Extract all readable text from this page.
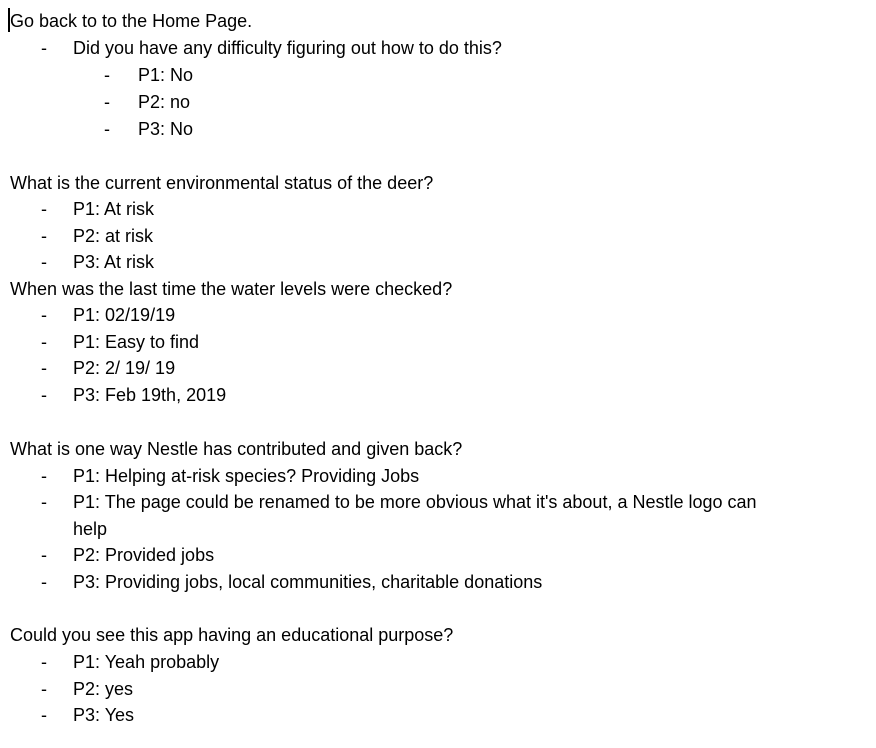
Go back to to the Home Page.
- Did you have any difficulty figuring out how to do this?
- P1: No
- P2: no
- P3: No
What is the current environmental status of the deer?
- P1: At risk
- P2: at risk
- P3: At risk
When was the last time the water levels were checked?
- P1: 02/19/19
- P1: Easy to find
- P2: 2/ 19/ 19
- P3: Feb 19th, 2019
What is one way Nestle has contributed and given back?
- P1: Helping at-risk species? Providing Jobs
- P1: The page could be renamed to be more obvious what it's about, a Nestle logo can
help
- P2: Provided jobs
- P3: Providing jobs, local communities, charitable donations
Could you see this app having an educational purpose?
- P1: Yeah probably
- P2: yes
- P3: Yes
